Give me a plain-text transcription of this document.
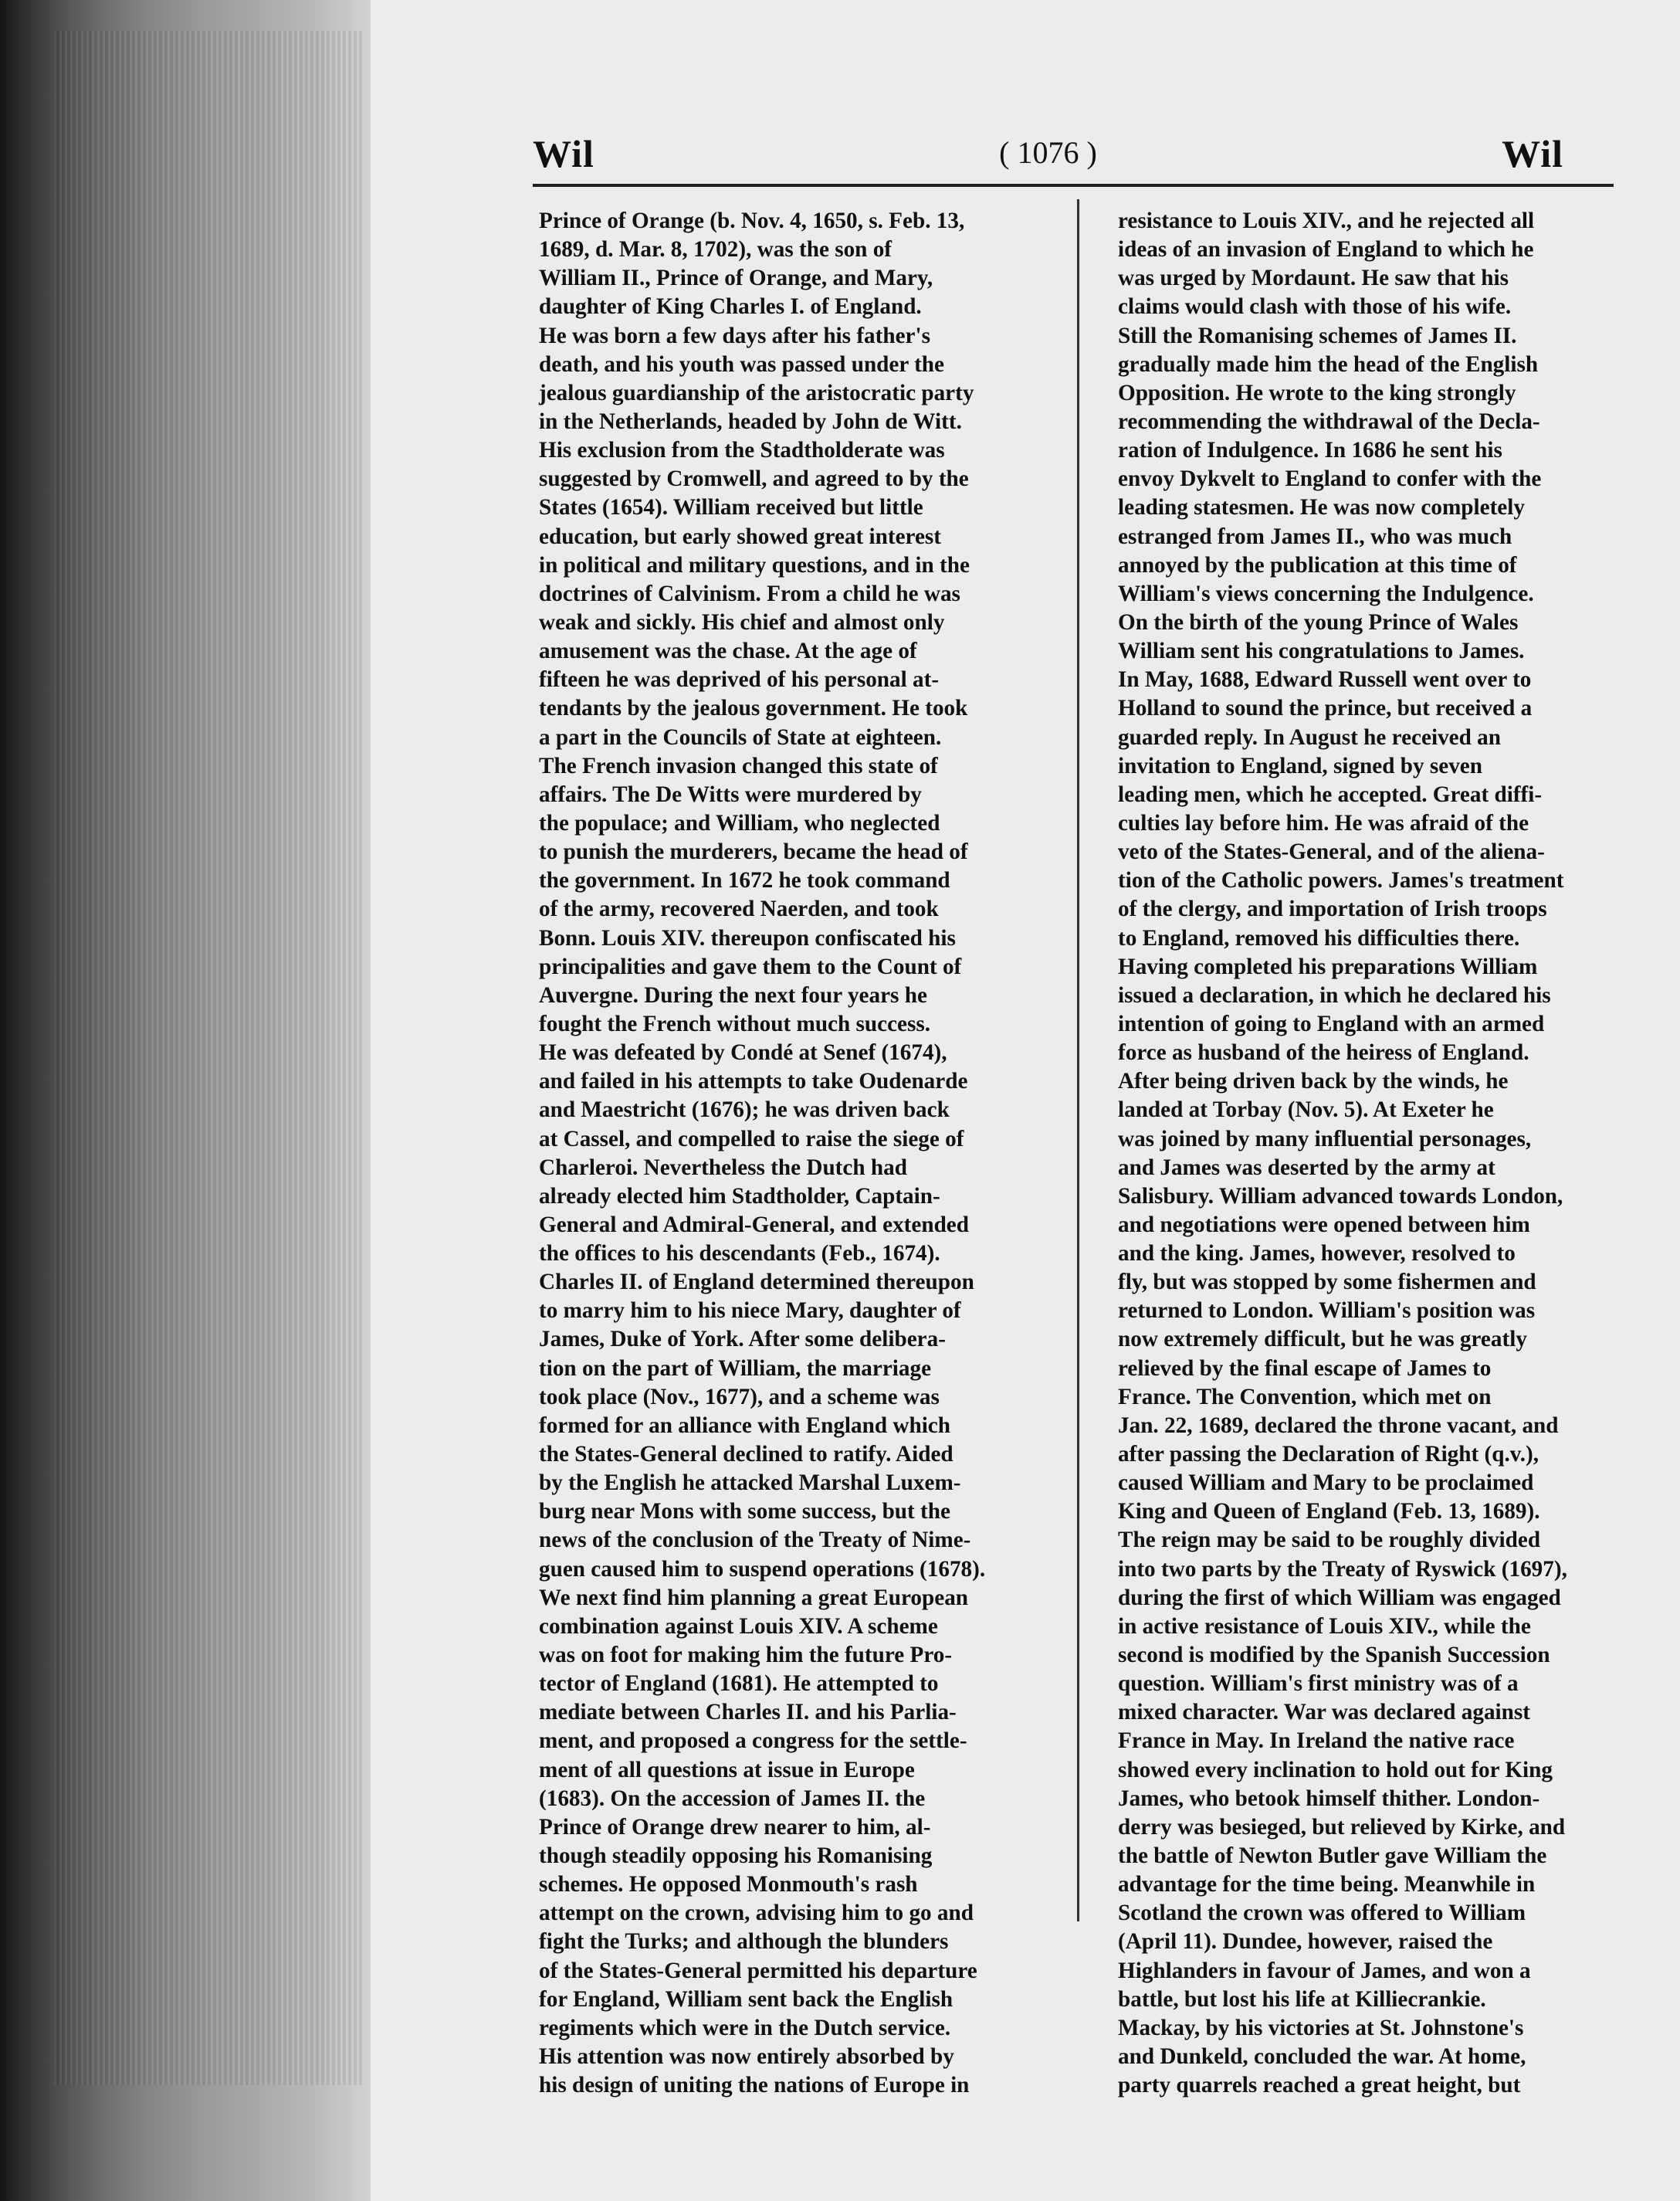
Wil	( 1076 )	Wil
Prince of Orange (b. Nov. 4, 1650, s. Feb. 13,
1689, d. Mar. 8, 1702), was the son of
William II., Prince of Orange, and Mary,
daughter of King Charles I. of England.
He was born a few days after his father's
death, and his youth was passed under the
jealous guardianship of the aristocratic party
in the Netherlands, headed by John de Witt.
His exclusion from the Stadtholderate was
suggested by Cromwell, and agreed to by the
States (1654). William received but little
education, but early showed great interest
in political and military questions, and in the
doctrines of Calvinism. From a child he was
weak and sickly. His chief and almost only
amusement was the chase. At the age of
fifteen he was deprived of his personal at-
tendants by the jealous government. He took
a part in the Councils of State at eighteen.
The French invasion changed this state of
affairs. The De Witts were murdered by
the populace; and William, who neglected
to punish the murderers, became the head of
the government. In 1672 he took command
of the army, recovered Naerden, and took
Bonn. Louis XIV. thereupon confiscated his
principalities and gave them to the Count of
Auvergne. During the next four years he
fought the French without much success.
He was defeated by Condé at Senef (1674),
and failed in his attempts to take Oudenarde
and Maestricht (1676); he was driven back
at Cassel, and compelled to raise the siege of
Charleroi. Nevertheless the Dutch had
already elected him Stadtholder, Captain-
General and Admiral-General, and extended
the offices to his descendants (Feb., 1674).
Charles II. of England determined thereupon
to marry him to his niece Mary, daughter of
James, Duke of York. After some delibera-
tion on the part of William, the marriage
took place (Nov., 1677), and a scheme was
formed for an alliance with England which
the States-General declined to ratify. Aided
by the English he attacked Marshal Luxem-
burg near Mons with some success, but the
news of the conclusion of the Treaty of Nime-
guen caused him to suspend operations (1678).
We next find him planning a great European
combination against Louis XIV. A scheme
was on foot for making him the future Pro-
tector of England (1681). He attempted to
mediate between Charles II. and his Parlia-
ment, and proposed a congress for the settle-
ment of all questions at issue in Europe
(1683). On the accession of James II. the
Prince of Orange drew nearer to him, al-
though steadily opposing his Romanising
schemes. He opposed Monmouth's rash
attempt on the crown, advising him to go and
fight the Turks; and although the blunders
of the States-General permitted his departure
for England, William sent back the English
regiments which were in the Dutch service.
His attention was now entirely absorbed by
his design of uniting the nations of Europe in
resistance to Louis XIV., and he rejected all
ideas of an invasion of England to which he
was urged by Mordaunt. He saw that his
claims would clash with those of his wife.
Still the Romanising schemes of James II.
gradually made him the head of the English
Opposition. He wrote to the king strongly
recommending the withdrawal of the Decla-
ration of Indulgence. In 1686 he sent his
envoy Dykvelt to England to confer with the
leading statesmen. He was now completely
estranged from James II., who was much
annoyed by the publication at this time of
William's views concerning the Indulgence.
On the birth of the young Prince of Wales
William sent his congratulations to James.
In May, 1688, Edward Russell went over to
Holland to sound the prince, but received a
guarded reply. In August he received an
invitation to England, signed by seven
leading men, which he accepted. Great diffi-
culties lay before him. He was afraid of the
veto of the States-General, and of the aliena-
tion of the Catholic powers. James's treatment
of the clergy, and importation of Irish troops
to England, removed his difficulties there.
Having completed his preparations William
issued a declaration, in which he declared his
intention of going to England with an armed
force as husband of the heiress of England.
After being driven back by the winds, he
landed at Torbay (Nov. 5). At Exeter he
was joined by many influential personages,
and James was deserted by the army at
Salisbury. William advanced towards London,
and negotiations were opened between him
and the king. James, however, resolved to
fly, but was stopped by some fishermen and
returned to London. William's position was
now extremely difficult, but he was greatly
relieved by the final escape of James to
France. The Convention, which met on
Jan. 22, 1689, declared the throne vacant, and
after passing the Declaration of Right (q.v.),
caused William and Mary to be proclaimed
King and Queen of England (Feb. 13, 1689).
The reign may be said to be roughly divided
into two parts by the Treaty of Ryswick (1697),
during the first of which William was engaged
in active resistance of Louis XIV., while the
second is modified by the Spanish Succession
question. William's first ministry was of a
mixed character. War was declared against
France in May. In Ireland the native race
showed every inclination to hold out for King
James, who betook himself thither. London-
derry was besieged, but relieved by Kirke, and
the battle of Newton Butler gave William the
advantage for the time being. Meanwhile in
Scotland the crown was offered to William
(April 11). Dundee, however, raised the
Highlanders in favour of James, and won a
battle, but lost his life at Killiecrankie.
Mackay, by his victories at St. Johnstone's
and Dunkeld, concluded the war. At home,
party quarrels reached a great height, but
